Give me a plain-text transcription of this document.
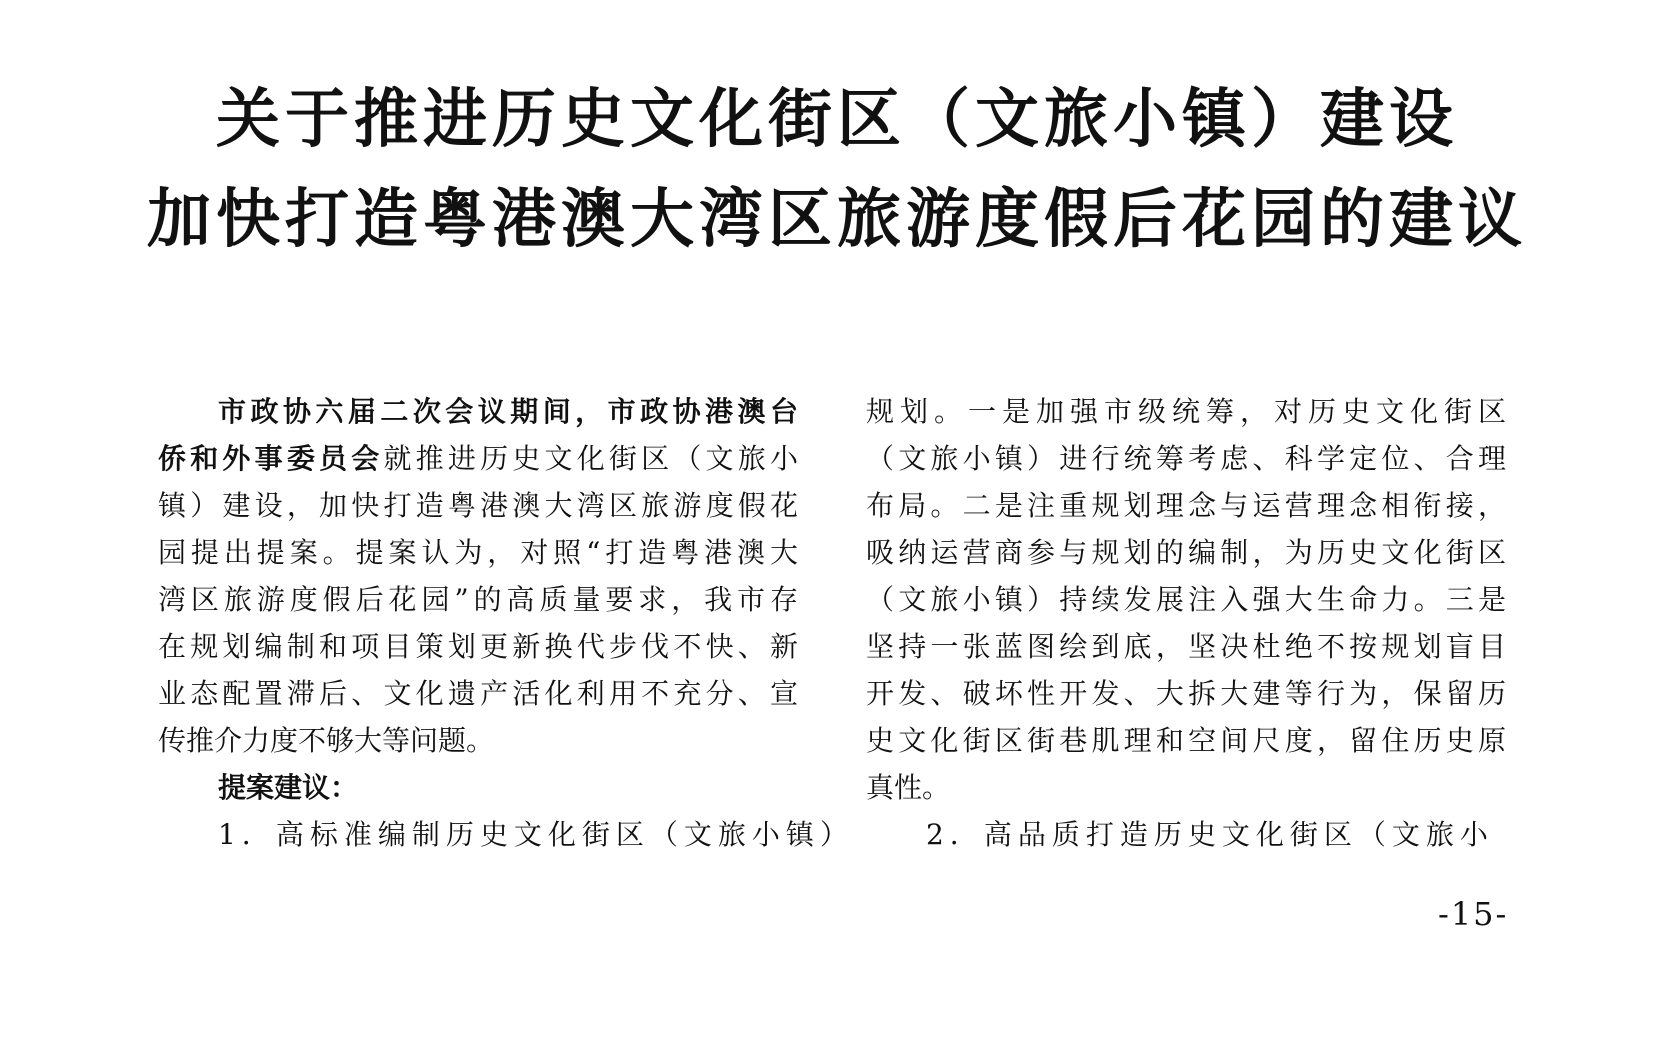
关于推进历史文化街区（文旅小镇）建设
加快打造粤港澳大湾区旅游度假后花园的建议
市政协六届二次会议期间，市政协港澳台
侨和外事委员会就推进历史文化街区（文旅小
镇）建设，加快打造粤港澳大湾区旅游度假花
园提出提案。提案认为，对照“打造粤港澳大
湾区旅游度假后花园”的高质量要求，我市存
在规划编制和项目策划更新换代步伐不快、新
业态配置滞后、文化遗产活化利用不充分、宣
传推介力度不够大等问题。
提案建议：
1．高标准编制历史文化街区（文旅小镇）
规划。一是加强市级统筹，对历史文化街区
（文旅小镇）进行统筹考虑、科学定位、合理
布局。二是注重规划理念与运营理念相衔接，
吸纳运营商参与规划的编制，为历史文化街区
（文旅小镇）持续发展注入强大生命力。三是
坚持一张蓝图绘到底，坚决杜绝不按规划盲目
开发、破坏性开发、大拆大建等行为，保留历
史文化街区街巷肌理和空间尺度，留住历史原
真性。
2．高品质打造历史文化街区（文旅小
-15-
